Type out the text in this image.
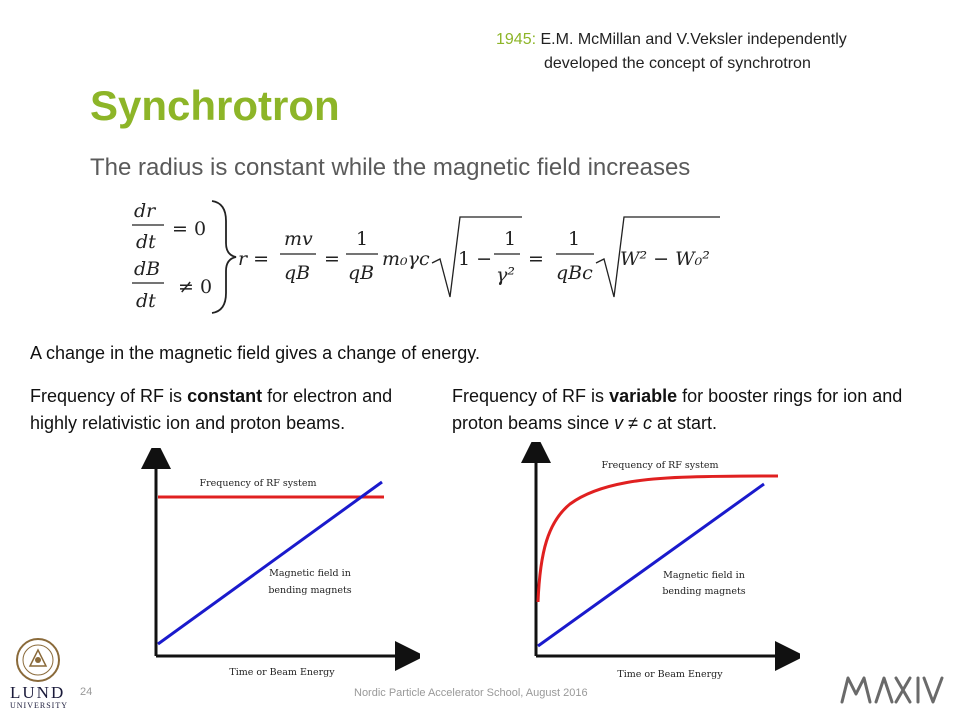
1945: E.M. McMillan and V.Veksler independently
developed the concept of synchrotron
Synchrotron
The radius is constant while the magnetic field increases
dr
dt
= 0
dB
dt
≠ 0
r =
mv
qB
=
1
qB
m₀γc 1 −
1
γ²
=
1
qBc
W² − W₀²
A change in the magnetic field gives a change of energy.
Frequency of RF is constant for electron and highly relativistic ion and proton beams.
Frequency of RF is variable for booster rings for ion and proton beams since v ≠ c at start.
Frequency of RF system
Magnetic field in
bending magnets
Time or Beam Energy
Frequency of RF system
Magnetic field in
bending magnets
Time or Beam Energy
LUND
UNIVERSITY
24	Nordic Particle Accelerator School, August 2016
